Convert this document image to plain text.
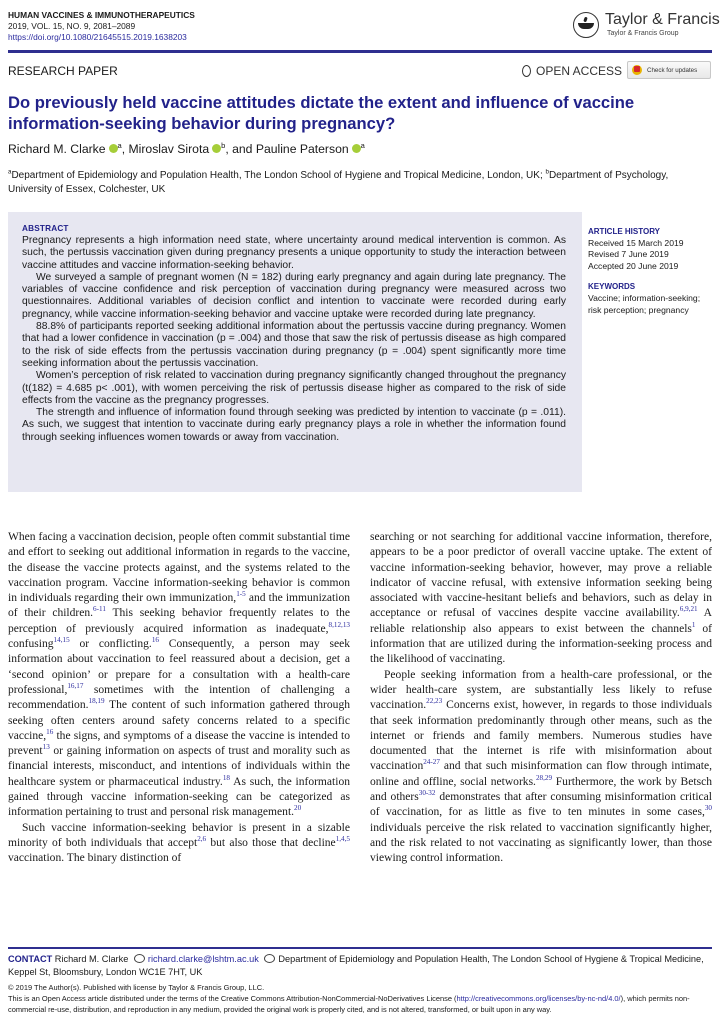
HUMAN VACCINES & IMMUNOTHERAPEUTICS
2019, VOL. 15, NO. 9, 2081–2089
https://doi.org/10.1080/21645515.2019.1638203
Taylor & Francis
Taylor & Francis Group
RESEARCH PAPER	OPEN ACCESS	Check for updates
Do previously held vaccine attitudes dictate the extent and influence of vaccine information-seeking behavior during pregnancy?
Richard M. Clarke $^a$, Miroslav Sirota $^b$, and Pauline Paterson $^a$
$^a$Department of Epidemiology and Population Health, The London School of Hygiene and Tropical Medicine, London, UK; $^b$Department of Psychology, University of Essex, Colchester, UK
ABSTRACT

Pregnancy represents a high information need state, where uncertainty around medical intervention is common. As such, the pertussis vaccination given during pregnancy presents a unique opportunity to study the interaction between vaccine attitudes and vaccine information-seeking behavior.

We surveyed a sample of pregnant women (N = 182) during early pregnancy and again during late pregnancy. The variables of vaccine confidence and risk perception of vaccination during pregnancy were measured across two questionnaires. Additional variables of decision conflict and intention to vaccinate were recorded during early pregnancy, while vaccine information-seeking behavior and vaccine uptake were recorded during late pregnancy.

88.8% of participants reported seeking additional information about the pertussis vaccine during pregnancy. Women that had a lower confidence in vaccination (p = .004) and those that saw the risk of pertussis disease as high compared to the risk of side effects from the pertussis vaccination during pregnancy (p = .004) spent significantly more time seeking information about the pertussis vaccination.

Women’s perception of risk related to vaccination during pregnancy significantly changed throughout the pregnancy (t(182) = 4.685 p< .001), with women perceiving the risk of pertussis disease higher as compared to the risk of side effects from the vaccine as the pregnancy progresses.

The strength and influence of information found through seeking was predicted by intention to vaccinate (p = .011). As such, we suggest that intention to vaccinate during early pregnancy plays a role in whether the information found through seeking influences women towards or away from vaccination.

ARTICLE HISTORY
Received 15 March 2019
Revised 7 June 2019
Accepted 20 June 2019
KEYWORDS
Vaccine; information-seeking; risk perception; pregnancy

When facing a vaccination decision, people often commit substantial time and effort to seeking out additional information in regards to the vaccine, the disease the vaccine protects against, and the systems related to the vaccination program. Vaccine information-seeking behavior is common in individuals regarding their own immunization,$^{1-5}$ and the immunization of their children.$^{6-11}$ This seeking behavior frequently relates to the perception of previously acquired information as inadequate,$^{8,12,13}$ confusing$^{14,15}$ or conflicting.$^{16}$ Consequently, a person may seek information about vaccination to feel reassured about a decision, get a ‘second opinion’ or prepare for a consultation with a health-care professional,$^{16,17}$ sometimes with the intention of challenging a recommendation.$^{18,19}$ The content of such information gathered through seeking often centers around safety concerns related to a specific vaccine,$^{16}$ the signs, and symptoms of a disease the vaccine is intended to prevent$^{13}$ or gaining information on aspects of trust and morality such as financial interests, misconduct, and intentions of individuals within the healthcare system or pharmaceutical industry.$^{18}$ As such, the information gained through vaccine information-seeking can be categorized as information pertaining to trust and personal risk management.$^{20}$

Such vaccine information-seeking behavior is present in a sizable minority of both individuals that accept$^{2,6}$ but also those that decline$^{1,4,5}$ vaccination. The binary distinction of

searching or not searching for additional vaccine information, therefore, appears to be a poor predictor of overall vaccine uptake. The extent of vaccine information-seeking behavior, however, may prove a reliable indicator of vaccine refusal, with extensive information seeking being associated with vaccine-hesitant beliefs and behaviors, such as delay in acceptance or refusal of vaccines despite vaccine availability.$^{6,9,21}$ A reliable relationship also appears to exist between the channels$^1$ of information that are utilized during the information-seeking process and the likelihood of vaccinating.

People seeking information from a health-care professional, or the wider health-care system, are substantially less likely to refuse vaccination.$^{22,23}$ Concerns exist, however, in regards to those individuals that seek information predominantly through other means, such as the internet or friends and family members. Numerous studies have documented that the internet is rife with misinformation about vaccination$^{24-27}$ and that such misinformation can flow through intimate, online and offline, social networks.$^{28,29}$ Furthermore, the work by Betsch and others$^{30-32}$ demonstrates that after consuming misinformation critical of vaccination, for as little as five to ten minutes in some cases,$^{30}$ individuals perceive the risk related to vaccination significantly higher, and the risk related to not vaccinating as significantly lower, than those viewing control information.

CONTACT Richard M. Clarke richard.clarke@lshtm.ac.uk Department of Epidemiology and Population Health, The London School of Hygiene & Tropical Medicine, Keppel St, Bloomsbury, London WC1E 7HT, UK
© 2019 The Author(s). Published with license by Taylor & Francis Group, LLC.
This is an Open Access article distributed under the terms of the Creative Commons Attribution-NonCommercial-NoDerivatives License (http://creativecommons.org/licenses/by-nc-nd/4.0/), which permits non-commercial re-use, distribution, and reproduction in any medium, provided the original work is properly cited, and is not altered, transformed, or built upon in any way.
